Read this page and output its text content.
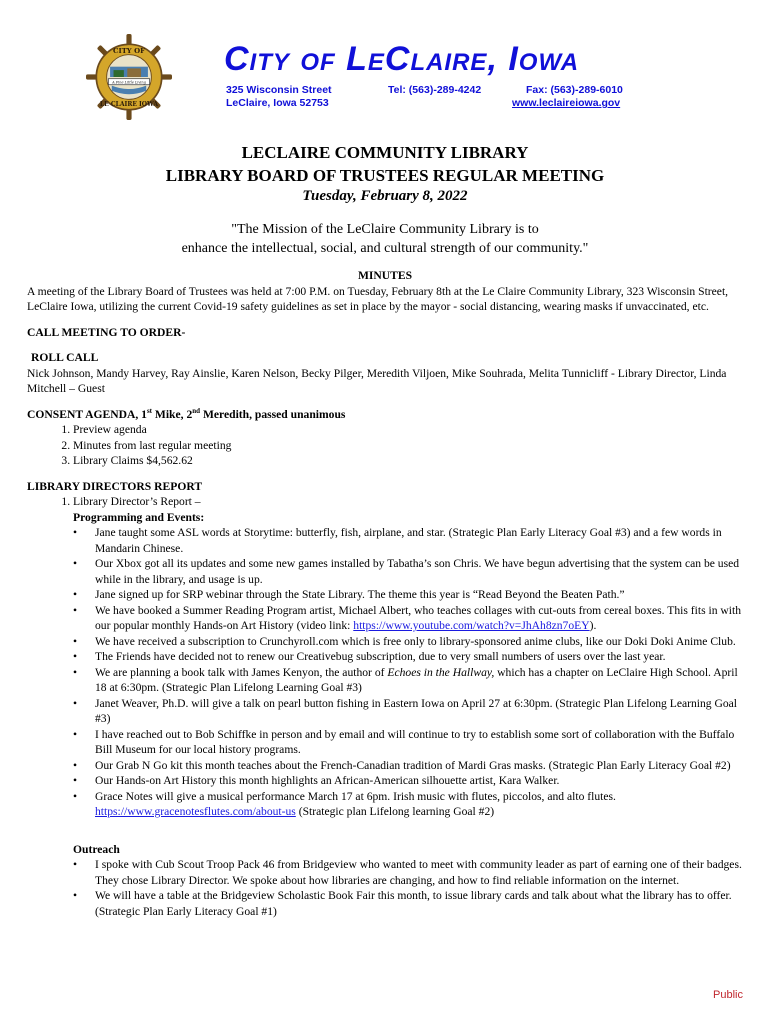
CITY OF
LE CLAIRE IOWA
A Fine Little Living
City of LeClaire, Iowa
325 Wisconsin Street
LeClaire, Iowa 52753
Tel: (563)-289-4242	Fax: (563)-289-6010
www.leclaireiowa.gov
LECLAIRE COMMUNITY LIBRARY
LIBRARY BOARD OF TRUSTEES REGULAR MEETING
Tuesday, February 8, 2022
"The Mission of the LeClaire Community Library is to
enhance the intellectual, social, and cultural strength of our community."

MINUTES

A meeting of the Library Board of Trustees was held at 7:00 P.M. on Tuesday, February 8th at the Le Claire Community Library, 323 Wisconsin Street, LeClaire Iowa, utilizing the current Covid-19 safety guidelines as set in place by the mayor - social distancing, wearing masks if unvaccinated, etc.

CALL MEETING TO ORDER-

ROLL CALL

Nick Johnson, Mandy Harvey, Ray Ainslie, Karen Nelson, Becky Pilger, Meredith Viljoen, Mike Souhrada, Melita Tunnicliff - Library Director, Linda Mitchell – Guest

CONSENT AGENDA, 1st Mike, 2nd Meredith, passed unanimous

1. Preview agenda
2. Minutes from last regular meeting
3. Library Claims $4,562.62

LIBRARY DIRECTORS REPORT

1. Library Director’s Report –

Programming and Events:

• Jane taught some ASL words at Storytime: butterfly, fish, airplane, and star. (Strategic Plan Early Literacy Goal #3) and a few words in Mandarin Chinese.
• Our Xbox got all its updates and some new games installed by Tabatha’s son Chris. We have begun advertising that the system can be used while in the library, and usage is up.
• Jane signed up for SRP webinar through the State Library. The theme this year is “Read Beyond the Beaten Path.”
• We have booked a Summer Reading Program artist, Michael Albert, who teaches collages with cut-outs from cereal boxes. This fits in with our popular monthly Hands-on Art History (video link: https://www.youtube.com/watch?v=JhAh8zn7oEY).
• We have received a subscription to Crunchyroll.com which is free only to library-sponsored anime clubs, like our Doki Doki Anime Club.
• The Friends have decided not to renew our Creativebug subscription, due to very small numbers of users over the last year.
• We are planning a book talk with James Kenyon, the author of Echoes in the Hallway, which has a chapter on LeClaire High School. April 18 at 6:30pm. (Strategic Plan Lifelong Learning Goal #3)
• Janet Weaver, Ph.D. will give a talk on pearl button fishing in Eastern Iowa on April 27 at 6:30pm. (Strategic Plan Lifelong Learning Goal #3)
• I have reached out to Bob Schiffke in person and by email and will continue to try to establish some sort of collaboration with the Buffalo Bill Museum for our local history programs.
• Our Grab N Go kit this month teaches about the French-Canadian tradition of Mardi Gras masks. (Strategic Plan Early Literacy Goal #2)
• Our Hands-on Art History this month highlights an African-American silhouette artist, Kara Walker.
• Grace Notes will give a musical performance March 17 at 6pm. Irish music with flutes, piccolos, and alto flutes.
https://www.gracenotesflutes.com/about-us (Strategic plan Lifelong learning Goal #2)

Outreach

• I spoke with Cub Scout Troop Pack 46 from Bridgeview who wanted to meet with community leader as part of earning one of their badges. They chose Library Director. We spoke about how libraries are changing, and how to find reliable information on the internet.
• We will have a table at the Bridgeview Scholastic Book Fair this month, to issue library cards and talk about what the library has to offer. (Strategic Plan Early Literacy Goal #1)
Public
